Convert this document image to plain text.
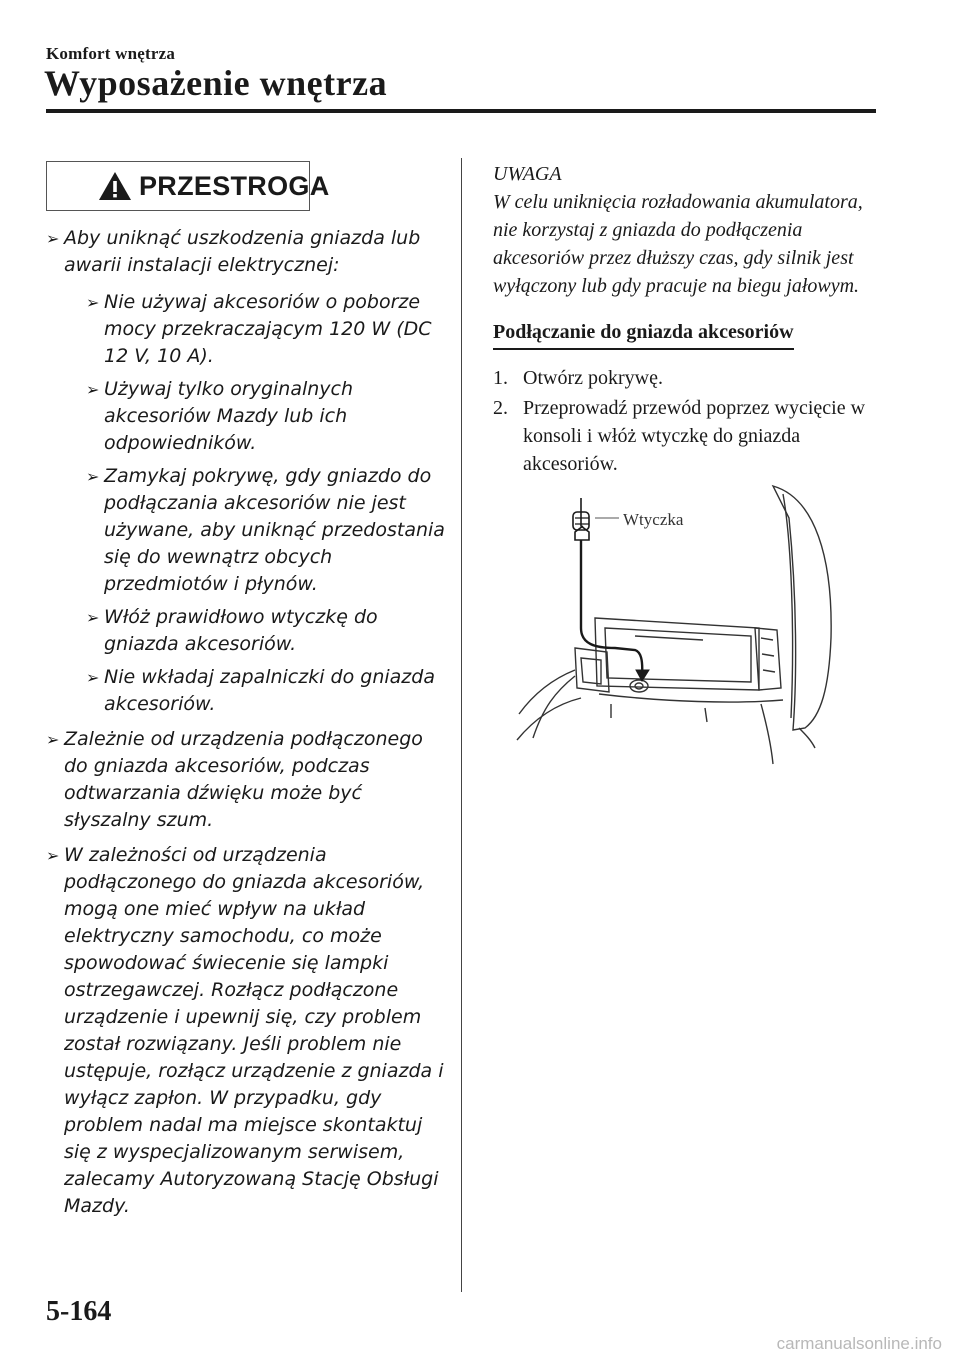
Komfort wnętrza
Wyposażenie wnętrza
PRZESTROGA
➢ Aby uniknąć uszkodzenia gniazda lub awarii instalacji elektrycznej:
➢ Nie używaj akcesoriów o poborze mocy przekraczającym 120 W (DC 12 V, 10 A).
➢ Używaj tylko oryginalnych akcesoriów Mazdy lub ich odpowiedników.
➢ Zamykaj pokrywę, gdy gniazdo do podłączania akcesoriów nie jest używane, aby uniknąć przedostania się do wewnątrz obcych przedmiotów i płynów.
➢ Włóż prawidłowo wtyczkę do gniazda akcesoriów.
➢ Nie wkładaj zapalniczki do gniazda akcesoriów.
➢ Zależnie od urządzenia podłączonego do gniazda akcesoriów, podczas odtwarzania dźwięku może być słyszalny szum.
➢ W zależności od urządzenia podłączonego do gniazda akcesoriów, mogą one mieć wpływ na układ elektryczny samochodu, co może spowodować świecenie się lampki ostrzegawczej. Rozłącz podłączone urządzenie i upewnij się, czy problem został rozwiązany. Jeśli problem nie ustępuje, rozłącz urządzenie z gniazda i wyłącz zapłon. W przypadku, gdy problem nadal ma miejsce skontaktuj się z wyspecjalizowanym serwisem, zalecamy Autoryzowaną Stację Obsługi Mazdy.
UWAGA
W celu uniknięcia rozładowania akumulatora, nie korzystaj z gniazda do podłączenia akcesoriów przez dłuższy czas, gdy silnik jest wyłączony lub gdy pracuje na biegu jałowym.
Podłączanie do gniazda akcesoriów
1. Otwórz pokrywę.
2. Przeprowadź przewód poprzez wycięcie w konsoli i włóż wtyczkę do gniazda akcesoriów.
Wtyczka
5-164
carmanualsonline.info
